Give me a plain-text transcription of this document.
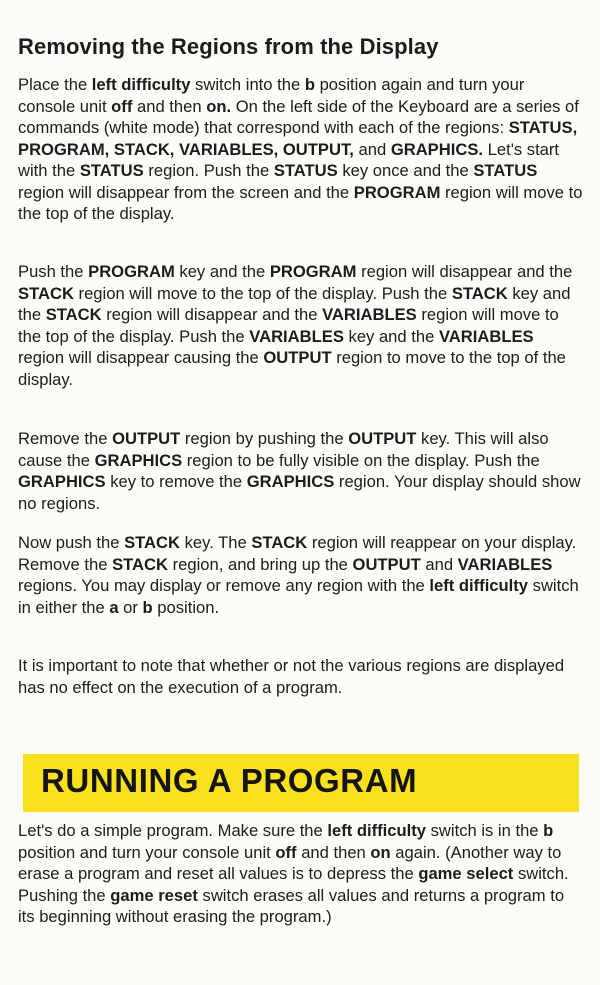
Removing the Regions from the Display

Place the left difficulty switch into the b position again and turn your console unit off and then on. On the left side of the Keyboard are a series of commands (white mode) that correspond with each of the regions: STATUS, PROGRAM, STACK, VARIABLES, OUTPUT, and GRAPHICS. Let's start with the STATUS region. Push the STATUS key once and the STATUS region will disappear from the screen and the PROGRAM region will move to the top of the display.

Push the PROGRAM key and the PROGRAM region will disappear and the STACK region will move to the top of the display. Push the STACK key and the STACK region will disappear and the VARIABLES region will move to the top of the display. Push the VARIABLES key and the VARIABLES region will disappear causing the OUTPUT region to move to the top of the display.

Remove the OUTPUT region by pushing the OUTPUT key. This will also cause the GRAPHICS region to be fully visible on the display. Push the GRAPHICS key to remove the GRAPHICS region. Your display should show no regions.

Now push the STACK key. The STACK region will reappear on your display. Remove the STACK region, and bring up the OUTPUT and VARIABLES regions. You may display or remove any region with the left difficulty switch in either the a or b position.

It is important to note that whether or not the various regions are displayed has no effect on the execution of a program.

RUNNING A PROGRAM

Let's do a simple program. Make sure the left difficulty switch is in the b position and turn your console unit off and then on again. (Another way to erase a program and reset all values is to depress the game select switch. Pushing the game reset switch erases all values and returns a program to its beginning without erasing the program.)
